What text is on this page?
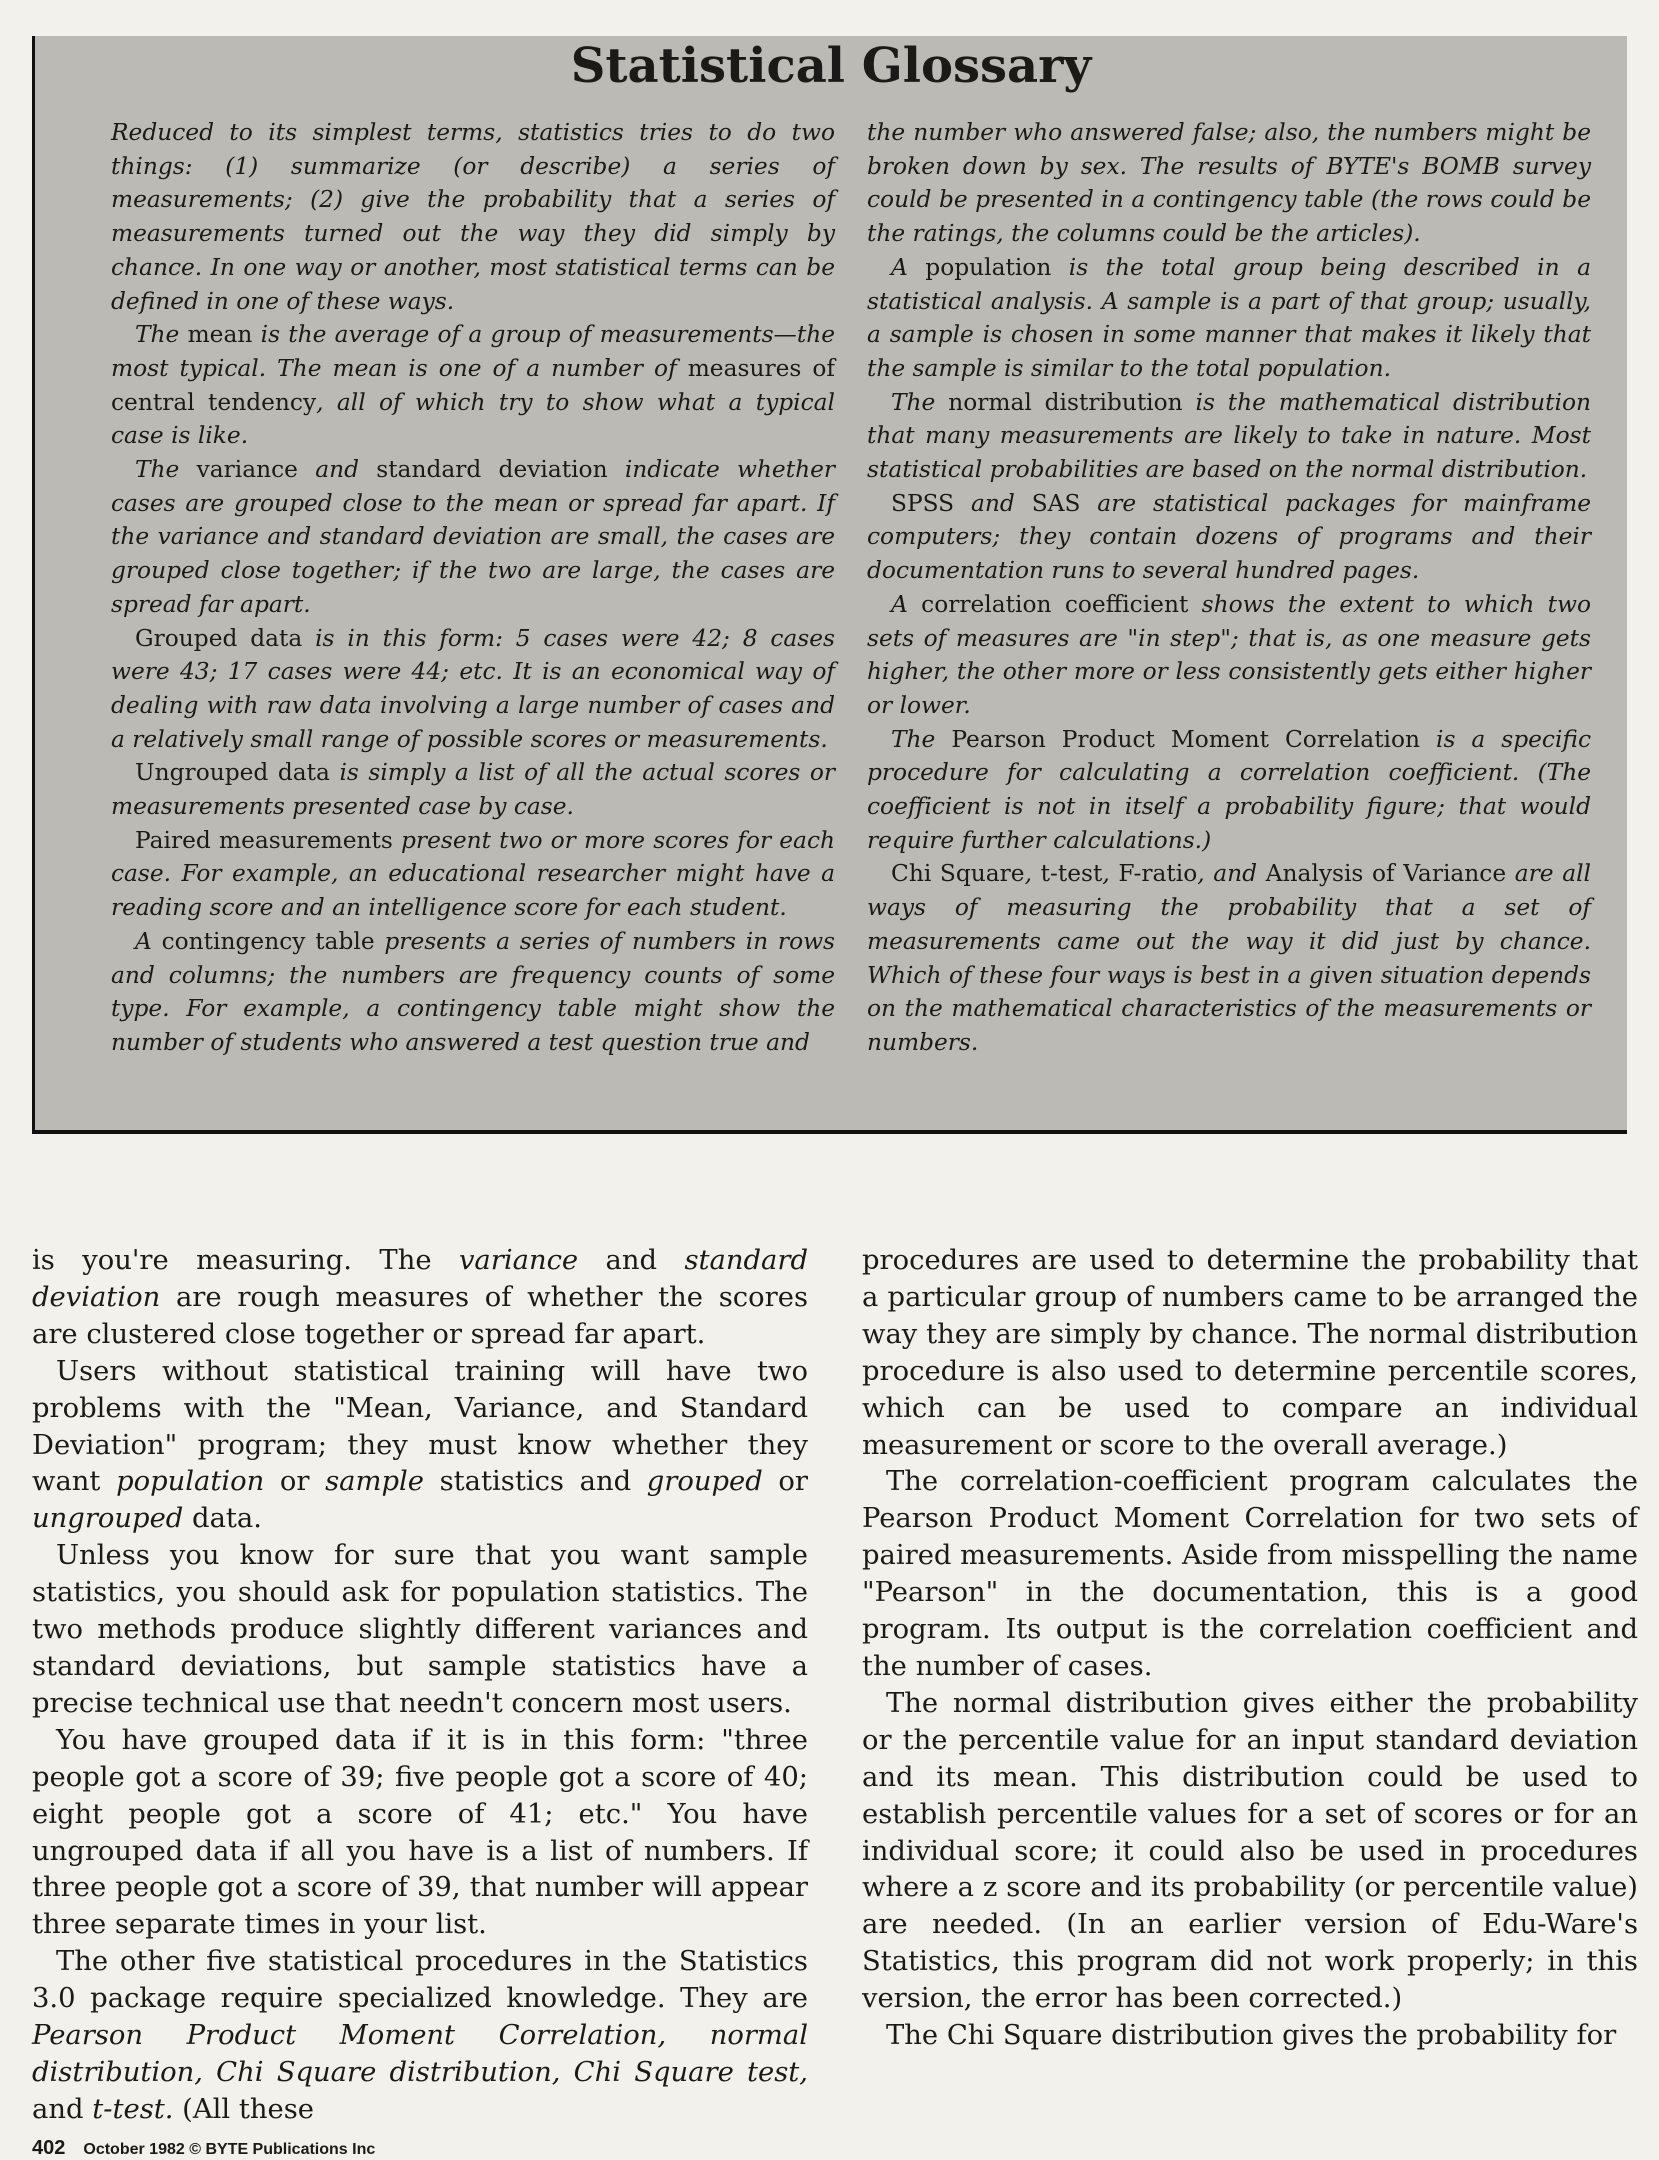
Statistical Glossary

Reduced to its simplest terms, statistics tries to do two things: (1) summarize (or describe) a series of measurements; (2) give the probability that a series of measurements turned out the way they did simply by chance. In one way or another, most statistical terms can be defined in one of these ways.

The mean is the average of a group of measurements—the most typical. The mean is one of a number of measures of central tendency, all of which try to show what a typical case is like.

The variance and standard deviation indicate whether cases are grouped close to the mean or spread far apart. If the variance and standard deviation are small, the cases are grouped close together; if the two are large, the cases are spread far apart.

Grouped data is in this form: 5 cases were 42; 8 cases were 43; 17 cases were 44; etc. It is an economical way of dealing with raw data involving a large number of cases and a relatively small range of possible scores or measurements.

Ungrouped data is simply a list of all the actual scores or measurements presented case by case.

Paired measurements present two or more scores for each case. For example, an educational researcher might have a reading score and an intelligence score for each student.

A contingency table presents a series of numbers in rows and columns; the numbers are frequency counts of some type. For example, a contingency table might show the number of students who answered a test question true and

the number who answered false; also, the numbers might be broken down by sex. The results of BYTE's BOMB survey could be presented in a contingency table (the rows could be the ratings, the columns could be the articles).

A population is the total group being described in a statistical analysis. A sample is a part of that group; usually, a sample is chosen in some manner that makes it likely that the sample is similar to the total population.

The normal distribution is the mathematical distribution that many measurements are likely to take in nature. Most statistical probabilities are based on the normal distribution.

SPSS and SAS are statistical packages for mainframe computers; they contain dozens of programs and their documentation runs to several hundred pages.

A correlation coefficient shows the extent to which two sets of measures are "in step"; that is, as one measure gets higher, the other more or less consistently gets either higher or lower.

The Pearson Product Moment Correlation is a specific procedure for calculating a correlation coefficient. (The coefficient is not in itself a probability figure; that would require further calculations.)

Chi Square, t-test, F-ratio, and Analysis of Variance are all ways of measuring the probability that a set of measurements came out the way it did just by chance. Which of these four ways is best in a given situation depends on the mathematical characteristics of the measurements or numbers.

is you're measuring. The variance and standard deviation are rough measures of whether the scores are clustered close together or spread far apart.

Users without statistical training will have two problems with the "Mean, Variance, and Standard Deviation" program; they must know whether they want population or sample statistics and grouped or ungrouped data.

Unless you know for sure that you want sample statistics, you should ask for population statistics. The two methods produce slightly different variances and standard deviations, but sample statistics have a precise technical use that needn't concern most users.

You have grouped data if it is in this form: "three people got a score of 39; five people got a score of 40; eight people got a score of 41; etc." You have ungrouped data if all you have is a list of numbers. If three people got a score of 39, that number will appear three separate times in your list.

The other five statistical procedures in the Statistics 3.0 package require specialized knowledge. They are Pearson Product Moment Correlation, normal distribution, Chi Square distribution, Chi Square test, and t-test. (All these

procedures are used to determine the probability that a particular group of numbers came to be arranged the way they are simply by chance. The normal distribution procedure is also used to determine percentile scores, which can be used to compare an individual measurement or score to the overall average.)

The correlation-coefficient program calculates the Pearson Product Moment Correlation for two sets of paired measurements. Aside from misspelling the name "Pearson" in the documentation, this is a good program. Its output is the correlation coefficient and the number of cases.

The normal distribution gives either the probability or the percentile value for an input standard deviation and its mean. This distribution could be used to establish percentile values for a set of scores or for an individual score; it could also be used in procedures where a z score and its probability (or percentile value) are needed. (In an earlier version of Edu-Ware's Statistics, this program did not work properly; in this version, the error has been corrected.)

The Chi Square distribution gives the probability for

402 October 1982 © BYTE Publications Inc
